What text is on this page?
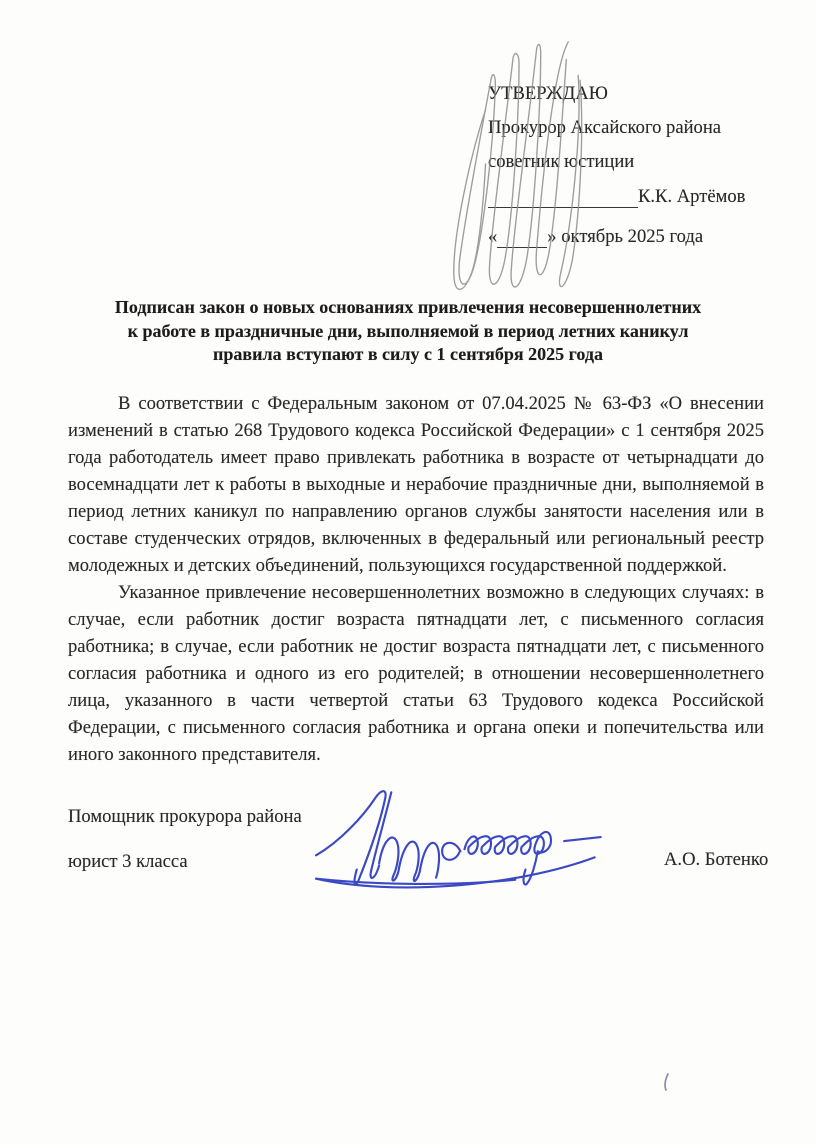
УТВЕРЖДАЮ
Прокурор Аксайского района
советник юстиции
К.К. Артёмов
«	» октябрь 2025 года
Подписан закон о новых основаниях привлечения несовершеннолетних
к работе в праздничные дни, выполняемой в период летних каникул
правила вступают в силу с 1 сентября 2025 года

В соответствии с Федеральным законом от 07.04.2025 № 63-ФЗ «О внесении изменений в статью 268 Трудового кодекса Российской Федерации» с 1 сентября 2025 года работодатель имеет право привлекать работника в возрасте от четырнадцати до восемнадцати лет к работы в выходные и нерабочие праздничные дни, выполняемой в период летних каникул по направлению органов службы занятости населения или в составе студенческих отрядов, включенных в федеральный или региональный реестр молодежных и детских объединений, пользующихся государственной поддержкой.

Указанное привлечение несовершеннолетних возможно в следующих случаях: в случае, если работник достиг возраста пятнадцати лет, с письменного согласия работника; в случае, если работник не достиг возраста пятнадцати лет, с письменного согласия работника и одного из его родителей; в отношении несовершеннолетнего лица, указанного в части четвертой статьи 63 Трудового кодекса Российской Федерации, с письменного согласия работника и органа опеки и попечительства или иного законного представителя.

Помощник прокурора района
юрист 3 класса	А.О. Ботенко
